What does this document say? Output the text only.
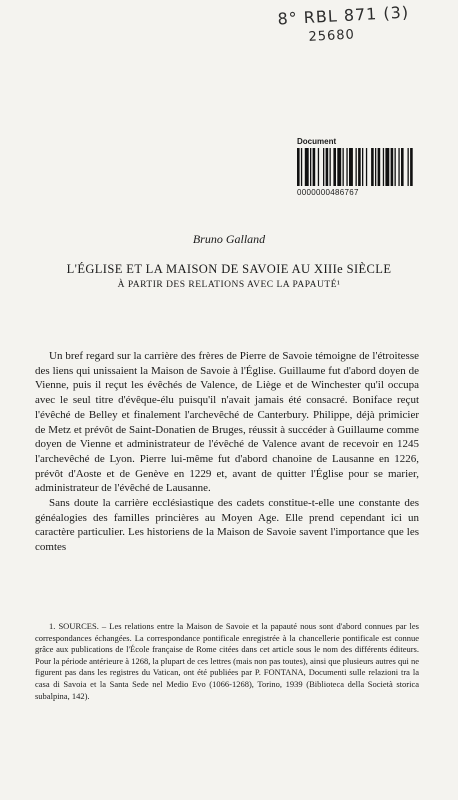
8° RBL 871 (3)
25680
Document
0000000486767
Bruno Galland
L'ÉGLISE ET LA MAISON DE SAVOIE AU XIIIe SIÈCLE
À PARTIR DES RELATIONS AVEC LA PAPAUTÉ¹

Un bref regard sur la carrière des frères de Pierre de Savoie témoigne de l'étroitesse des liens qui unissaient la Maison de Savoie à l'Église. Guillaume fut d'abord doyen de Vienne, puis il reçut les évêchés de Valence, de Liège et de Winchester qu'il occupa avec le seul titre d'évêque-élu puisqu'il n'avait jamais été consacré. Boniface reçut l'évêché de Belley et finalement l'archevêché de Canterbury. Philippe, déjà primicier de Metz et prévôt de Saint-Donatien de Bruges, réussit à succéder à Guillaume comme doyen de Vienne et administrateur de l'évêché de Valence avant de recevoir en 1245 l'archevêché de Lyon. Pierre lui-même fut d'abord chanoine de Lausanne en 1226, prévôt d'Aoste et de Genève en 1229 et, avant de quitter l'Église pour se marier, administrateur de l'évêché de Lausanne.

Sans doute la carrière ecclésiastique des cadets constitue-t-elle une constante des généalogies des familles princières au Moyen Age. Elle prend cependant ici un caractère particulier. Les historiens de la Maison de Savoie savent l'importance que les comtes

1. SOURCES. – Les relations entre la Maison de Savoie et la papauté nous sont d'abord connues par les correspondances échangées. La correspondance pontificale enregistrée à la chancellerie pontificale est connue grâce aux publications de l'École française de Rome citées dans cet article sous le nom des différents éditeurs. Pour la période antérieure à 1268, la plupart de ces lettres (mais non pas toutes), ainsi que plusieurs autres qui ne figurent pas dans les registres du Vatican, ont été publiées par P. FONTANA, Documenti sulle relazioni tra la casa di Savoia et la Santa Sede nel Medio Evo (1066-1268), Torino, 1939 (Biblioteca della Società storica subalpina, 142).
